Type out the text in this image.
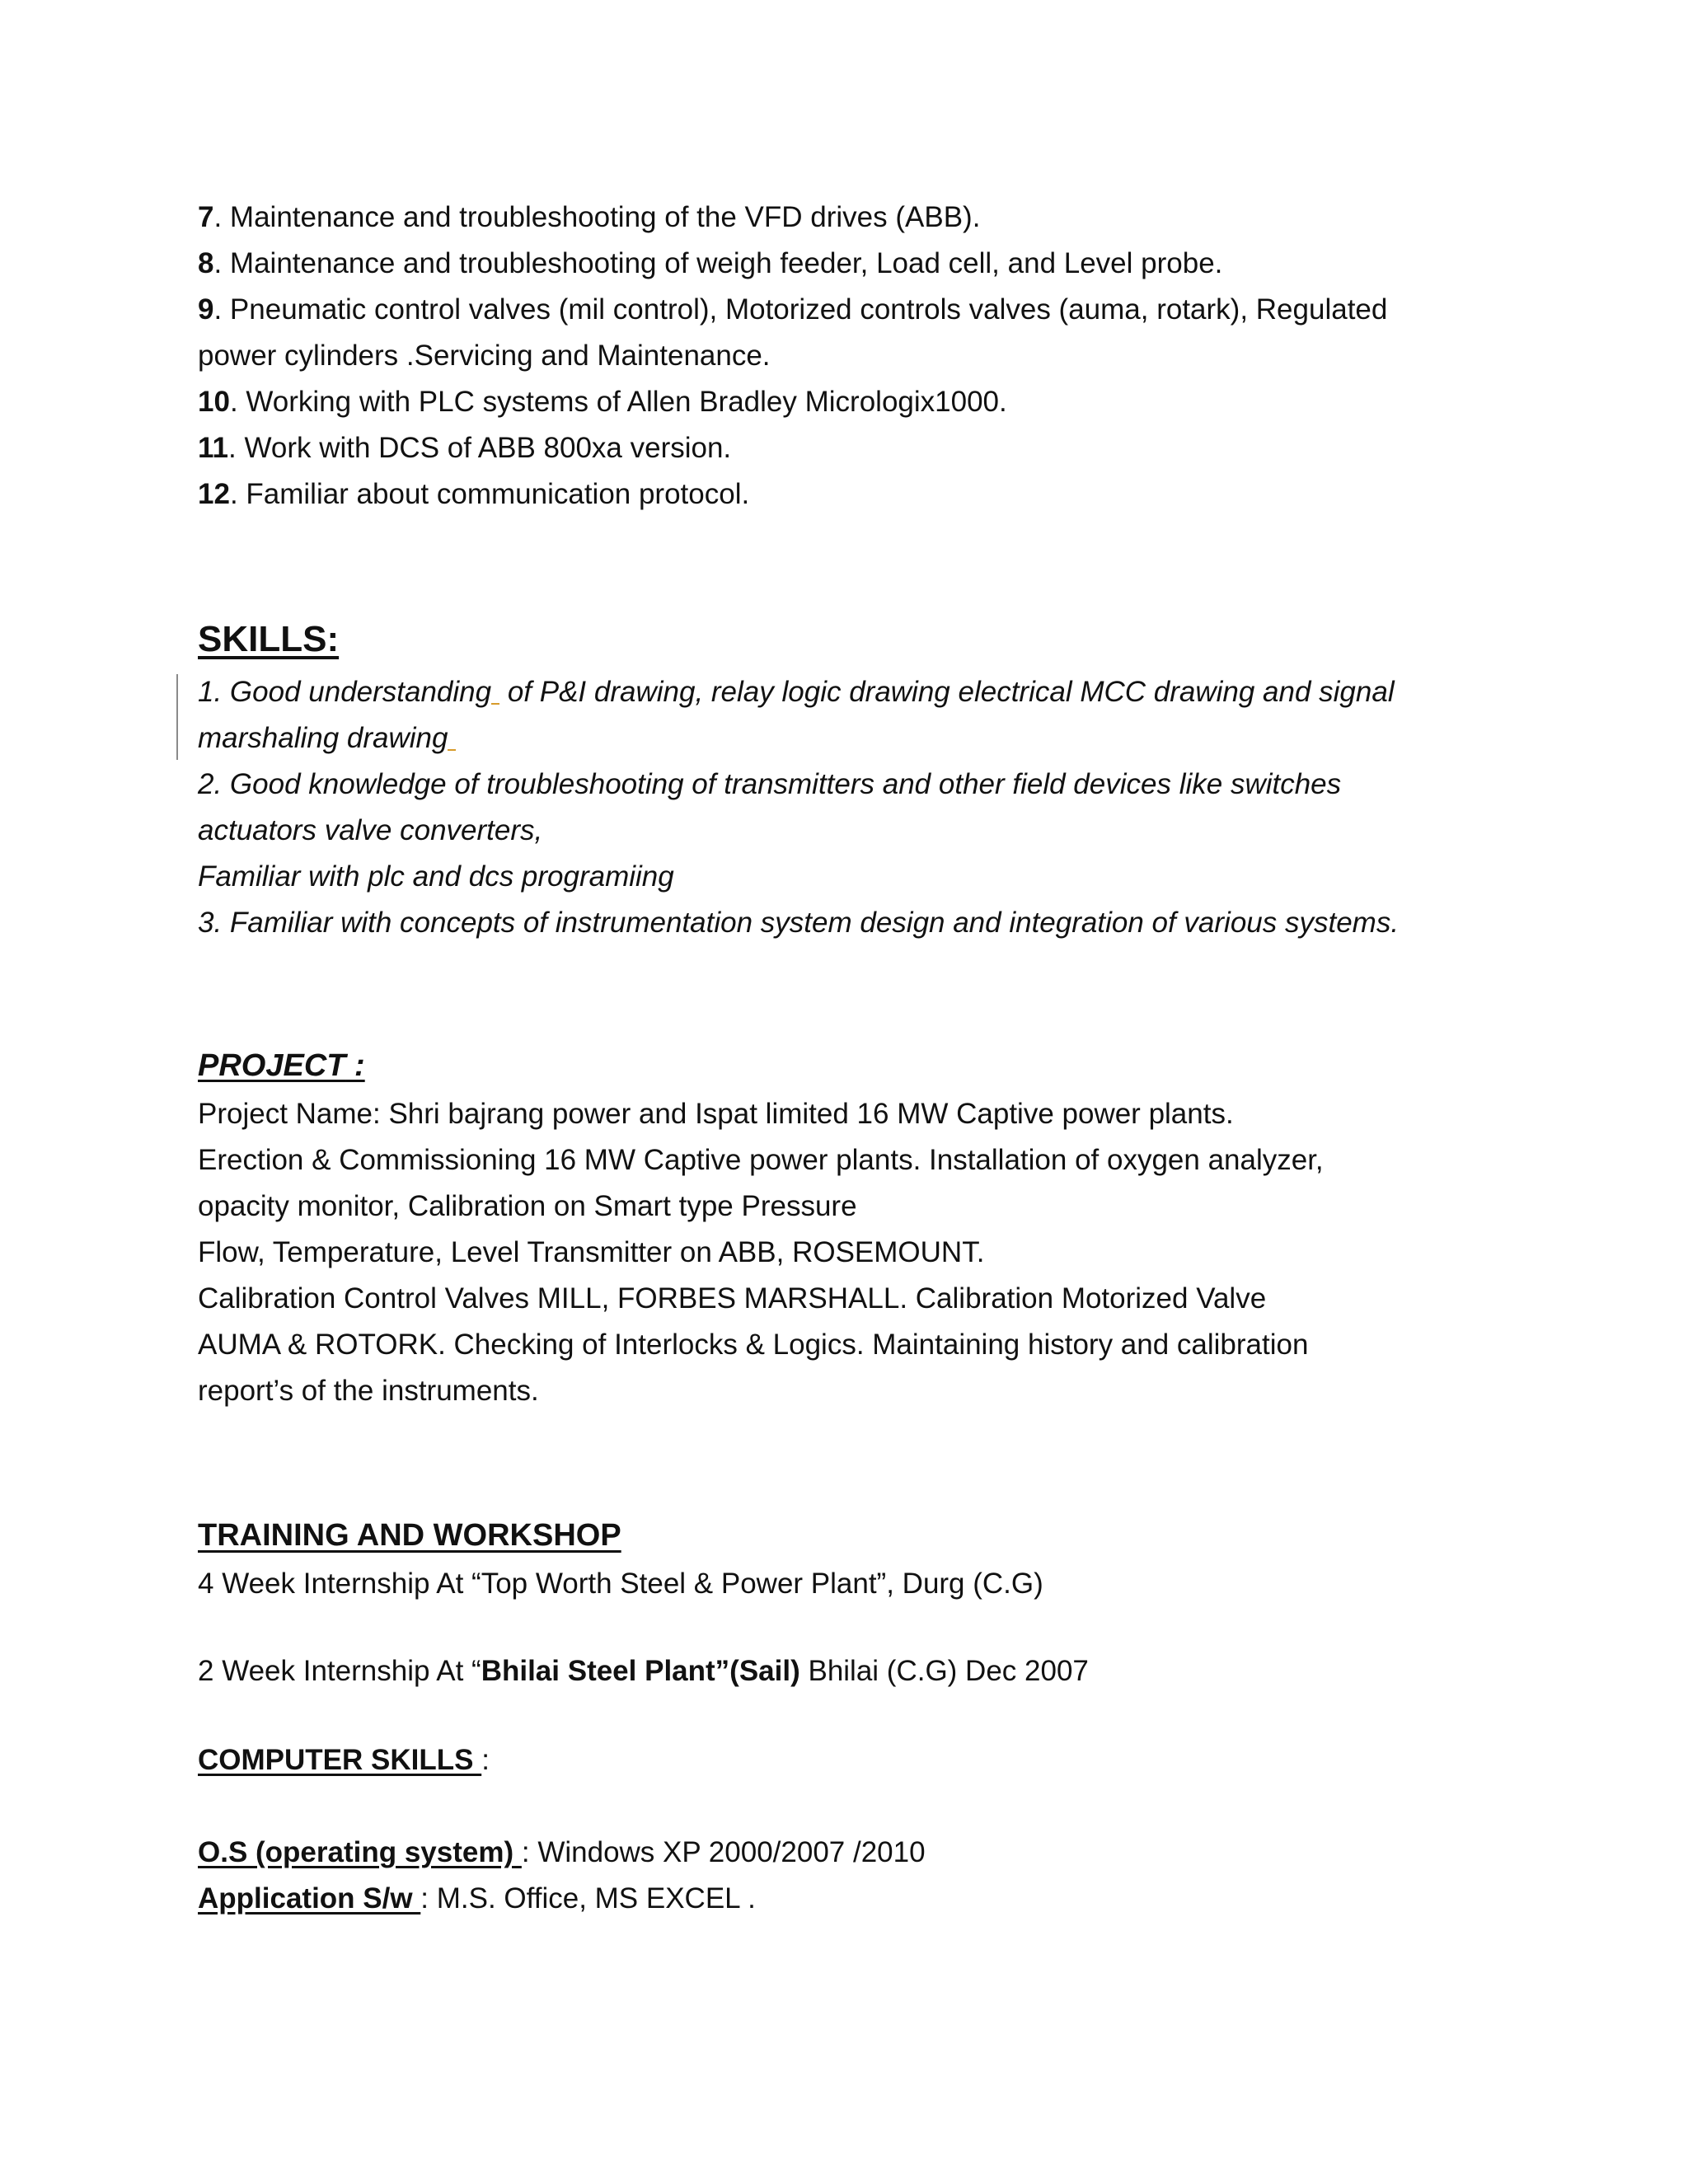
7. Maintenance and troubleshooting of the VFD drives (ABB).
8. Maintenance and troubleshooting of weigh feeder, Load cell, and Level probe.
9. Pneumatic control valves (mil control), Motorized controls valves (auma, rotark), Regulated
power cylinders .Servicing and Maintenance.
10. Working with PLC systems of Allen Bradley Micrologix1000.
11. Work with DCS of ABB 800xa version.
12. Familiar about communication protocol.
SKILLS:
1. Good understanding of P&I drawing, relay logic drawing electrical MCC drawing and signal
marshaling drawing
2. Good knowledge of troubleshooting of transmitters and other field devices like switches
actuators valve converters,
Familiar with plc and dcs programiing
3. Familiar with concepts of instrumentation system design and integration of various systems.
PROJECT :
Project Name: Shri bajrang power and Ispat limited 16 MW Captive power plants.
Erection & Commissioning 16 MW Captive power plants. Installation of oxygen analyzer,
opacity monitor, Calibration on Smart type Pressure
Flow, Temperature, Level Transmitter on ABB, ROSEMOUNT.
Calibration Control Valves MILL, FORBES MARSHALL. Calibration Motorized Valve
AUMA & ROTORK. Checking of Interlocks & Logics. Maintaining history and calibration
report’s of the instruments.
TRAINING AND WORKSHOP
4 Week Internship At “Top Worth Steel & Power Plant”, Durg (C.G)
2 Week Internship At “Bhilai Steel Plant”(Sail) Bhilai (C.G) Dec 2007
COMPUTER SKILLS :
O.S (operating system) : Windows XP 2000/2007 /2010
Application S/w : M.S. Office, MS EXCEL .
